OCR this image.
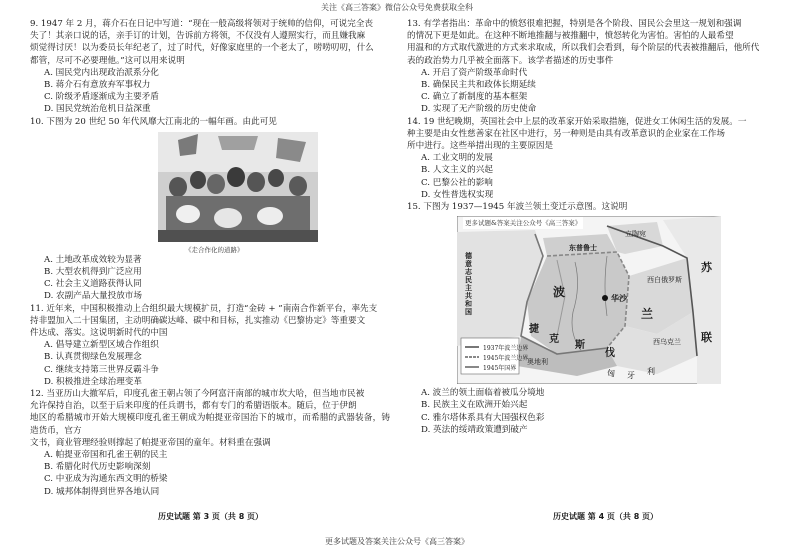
关注《高三答案》微信公众号免费获取全科
9. 1947 年 2 月，蒋介石在日记中写道：“现在一般高级将领对于统帅的信仰，可说完全丧
失了！其亲口说的话，亲手订的计划，告诉前方将领，不仅没有人遵照实行，而且嫌我麻
烦觉得讨厌！以为委员长年纪老了，过了时代，好像家庭里的一个老太了，唠唠叨叨，什么
都管，尽可不必要理他。”这可以用来说明
A. 国民党内出现政治派系分化
B. 蒋介石有意放弃军事权力
C. 阶级矛盾逐渐成为主要矛盾
D. 国民党统治危机日益深重
10. 下图为 20 世纪 50 年代风靡大江南北的一幅年画。由此可见
《走合作化的道路》
A. 土地改革成效较为显著
B. 大型农机得到广泛应用
C. 社会主义道路获得认同
D. 农副产品大量投放市场
11. 近年来，中国积极推动上合组织最大规模扩员，打造“金砖 + ”南南合作新平台，率先支
持非盟加入二十国集团，主动明确碳达峰、碳中和目标，扎实推动《巴黎协定》等重要文
件达成、落实。这说明新时代的中国
A. 倡导建立新型区域合作组织
B. 认真贯彻绿色发展理念
C. 继续支持第三世界反霸斗争
D. 积极推进全球治理变革
12. 当亚历山大撤军后，印度孔雀王朝占领了今阿富汗南部的城市坎大哈，但当地市民被
允许保持自治，以至于后来印度的任兵谓书，都有专门的希腊语版本。随后，位于伊朗
地区的希腊城市开始大规模印度孔雀王朝成为帕提亚帝国治下的城市，而希腊的武器装备，铸造货币，官方
文书，商业管理经验则撑起了帕提亚帝国的童年。材料重在强调
A. 帕提亚帝国和孔雀王朝的民主
B. 希腊化时代历史影响深刻
C. 中亚成为沟通东西文明的桥梁
D. 城邦体制得到世界各地认同
历史试题 第 3 页（共 8 页）
13. 有学者指出：革命中的愤怒很难把握，特别是各个阶段、国民公会里这一规划和强调
的情况下更是如此。在这种不断地推翻与被推翻中，愤怒转化为害怕。害怕的人最希望
用温和的方式取代激进的方式来求取成，所以我们会看到，每个阶层的代表被推翻后，他所代
表的政治势力几乎被全面落下。该学者描述的历史事件
A. 开启了资产阶级革命时代
B. 确保民主共和政体长期延续
C. 确立了新制度的基本框架
D. 实现了无产阶级的历史使命
14. 19 世纪晚期，英国社会中上层的改革家开始采取措施，促进女工休闲生活的发展。一
种主要是由女性慈善家在社区中进行，另一种则是由具有改革意识的企业家在工作场
所中进行。这些举措出现的主要原因是
A. 工业文明的发展
B. 人文主义的兴起
C. 巴黎公社的影响
D. 女性普选权实现
15. 下图为 1937—1945 年波兰领土变迁示意图。这说明
更多试题&答案关注公众号《高三答案》
德意志民主共和国
东普鲁士
立陶宛
波	华沙
兰
西白俄罗斯
苏
联
西乌克兰
捷
克
斯
伐
奥地利
匈 牙 利
1937年波兰边界
1945年波兰边界
1945年国界
A. 波兰的领土面临着被瓜分境地
B. 民族主义在欧洲开始兴起
C. 雅尔塔体系具有大国强权色彩
D. 英法的绥靖政策遭到破产
历史试题 第 4 页（共 8 页）
更多试题及答案关注公众号《高三答案》
